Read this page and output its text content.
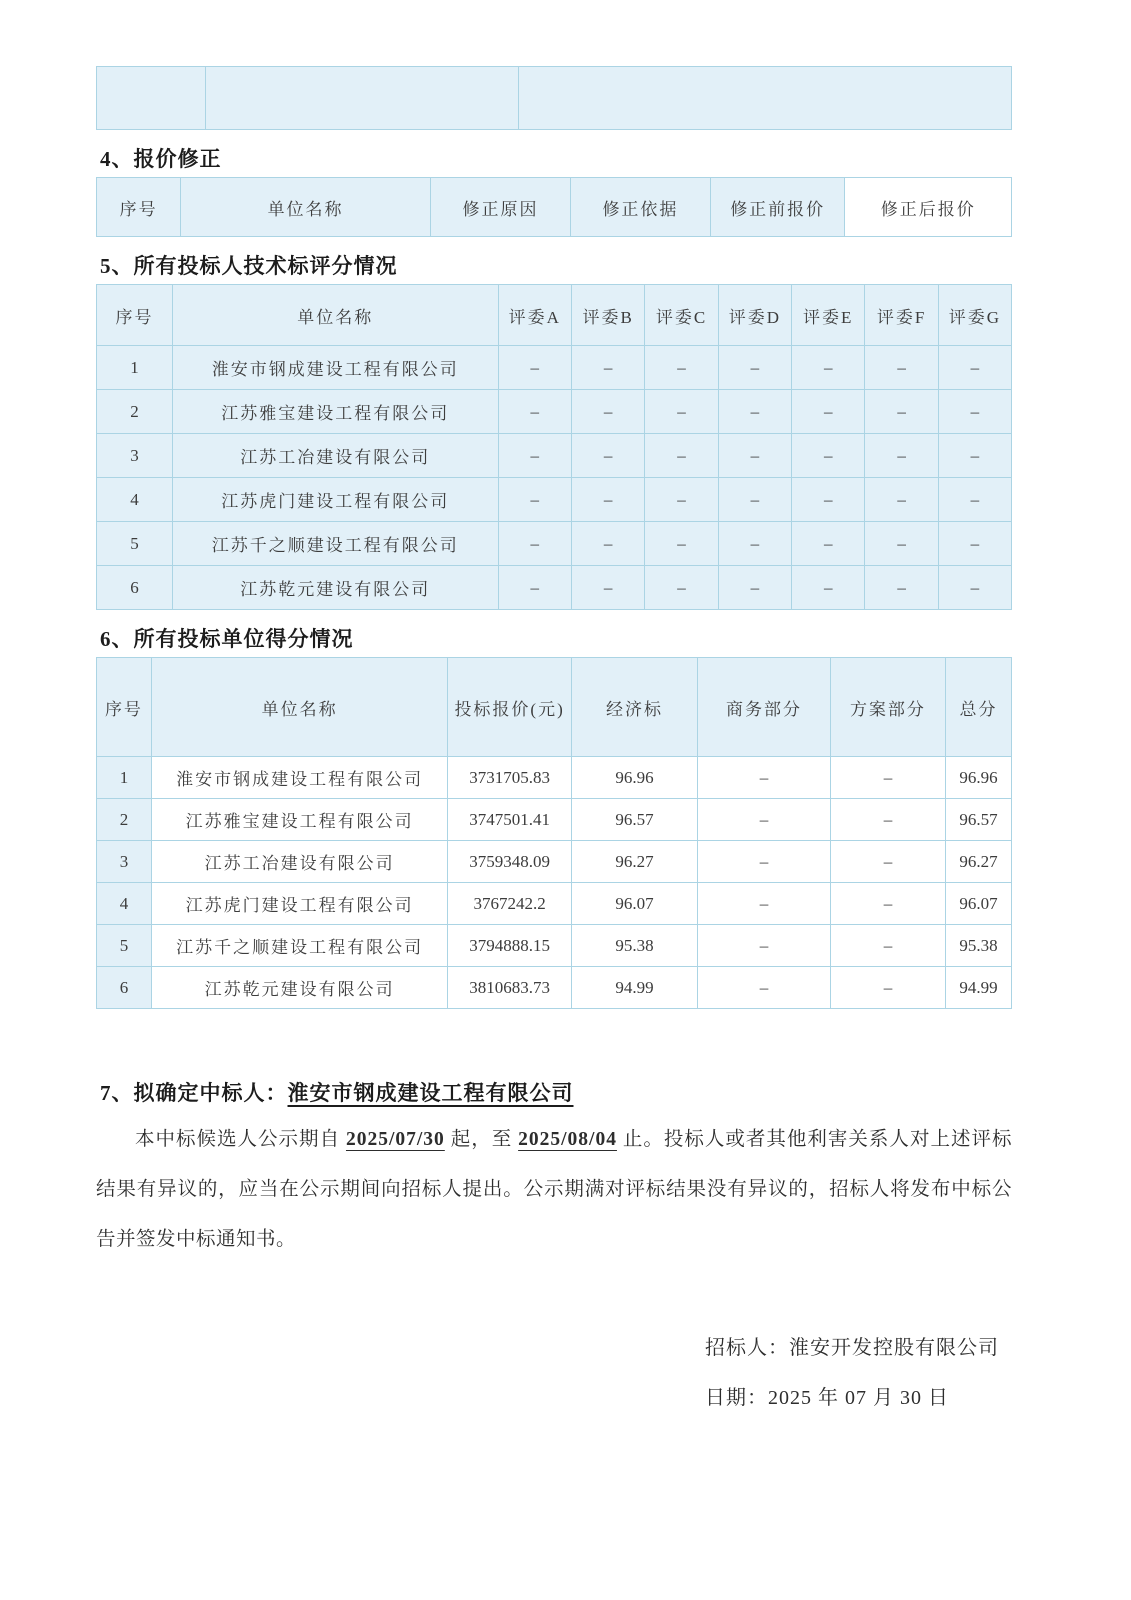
4、报价修正
序号	单位名称	修正原因	修正依据	修正前报价	修正后报价
5、所有投标人技术标评分情况
序号	单位名称	评委A	评委B	评委C	评委D	评委E	评委F	评委G
1	淮安市钢成建设工程有限公司	–	–	–	–	–	–	–
2	江苏雅宝建设工程有限公司	–	–	–	–	–	–	–
3	江苏工冶建设有限公司	–	–	–	–	–	–	–
4	江苏虎门建设工程有限公司	–	–	–	–	–	–	–
5	江苏千之顺建设工程有限公司	–	–	–	–	–	–	–
6	江苏乾元建设有限公司	–	–	–	–	–	–	–
6、所有投标单位得分情况
序号	单位名称	投标报价(元)	经济标	商务部分	方案部分	总分
1	淮安市钢成建设工程有限公司	3731705.83	96.96	–	–	96.96
2	江苏雅宝建设工程有限公司	3747501.41	96.57	–	–	96.57
3	江苏工冶建设有限公司	3759348.09	96.27	–	–	96.27
4	江苏虎门建设工程有限公司	3767242.2	96.07	–	–	96.07
5	江苏千之顺建设工程有限公司	3794888.15	95.38	–	–	95.38
6	江苏乾元建设有限公司	3810683.73	94.99	–	–	94.99
7、拟确定中标人：淮安市钢成建设工程有限公司

本中标候选人公示期自 2025/07/30 起，至 2025/08/04 止。投标人或者其他利害关系人对上述评标结果有异议的，应当在公示期间向招标人提出。公示期满对评标结果没有异议的，招标人将发布中标公告并签发中标通知书。

招标人：淮安开发控股有限公司
日期：2025 年 07 月 30 日
